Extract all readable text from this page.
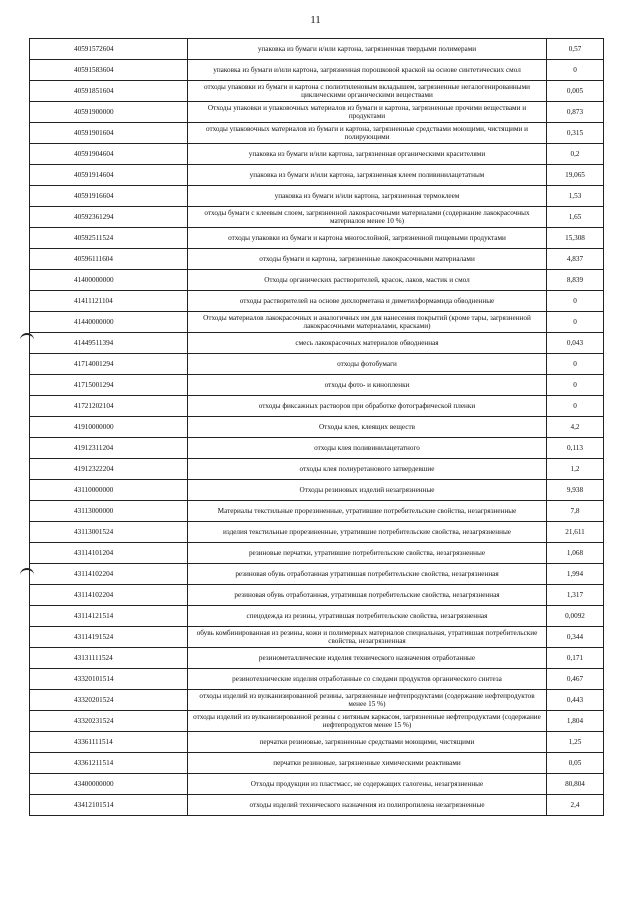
11
40591572604	упаковка из бумаги и/или картона, загрязненная твердыми полимерами	0,57
40591583604	упаковка из бумаги и/или картона, загрязненная порошковой краской на основе синтетических смол	0
40591851604	отходы упаковки из бумаги и картона с полиэтиленовым вкладышем, загрязненные негалогенированными циклическими органическими веществами	0,005
40591900000	Отходы упаковки и упаковочных материалов из бумаги и картона, загрязненные прочими веществами и продуктами	0,873
40591901604	отходы упаковочных материалов из бумаги и картона, загрязненные средствами моющими, чистящими и полирующими	0,315
40591904604	упаковка из бумаги и/или картона, загрязненная органическими красителями	0,2
40591914604	упаковка из бумаги и/или картона, загрязненная клеем поливинилацетатным	19,065
40591916604	упаковка из бумаги и/или картона, загрязненная термоклеем	1,53
40592361294	отходы бумаги с клеевым слоем, загрязненной лакокрасочными материалами (содержание лакокрасочных материалов менее 10 %)	1,65
40592511524	отходы упаковки из бумаги и картона многослойной, загрязненной пищевыми продуктами	15,308
40596111604	отходы бумаги и картона, загрязненные лакокрасочными материалами	4,837
41400000000	Отходы органических растворителей, красок, лаков, мастик и смол	8,839
41411121104	отходы растворителей на основе дихлорметана и диметилформамида обводненные	0
41440000000	Отходы материалов лакокрасочных и аналогичных им для нанесения покрытий (кроме тары, загрязненной лакокрасочными материалами, красками)	0
41449511394	смесь лакокрасочных материалов обводненная	0,043
41714001294	отходы фотобумаги	0
41715001294	отходы фото- и кинопленки	0
41721202104	отходы фиксажных растворов при обработке фотографической пленки	0
41910000000	Отходы клея, клеящих веществ	4,2
41912311204	отходы клея поливинилацетатного	0,113
41912322204	отходы клея полиуретанового затвердевшие	1,2
43110000000	Отходы резиновых изделий незагрязненные	9,938
43113000000	Материалы текстильные прорезиненные, утратившие потребительские свойства, незагрязненные	7,8
43113001524	изделия текстильные прорезиненные, утратившие потребительские свойства, незагрязненные	21,611
43114101204	резиновые перчатки, утратившие потребительские свойства, незагрязненные	1,068
43114102204	резиновая обувь отработанная утратившая потребительские свойства, незагрязненная	1,994
43114102204	резиновая обувь отработанная, утратившая потребительские свойства, незагрязненная	1,317
43114121514	спецодежда из резины, утратившая потребительские свойства, незагрязненная	0,0092
43114191524	обувь комбинированная из резины, кожи и полимерных материалов специальная, утратившая потребительские свойства, незагрязненная	0,344
43131111524	резинометаллические изделия технического назначения отработанные	0,171
43320101514	резинотехнические изделия отработанные со следами продуктов органического синтеза	0,467
43320201524	отходы изделий из вулканизированной резины, загрязненные нефтепродуктами (содержание нефтепродуктов менее 15 %)	0,443
43320231524	отходы изделий из вулканизированной резины с нитяным каркасом, загрязненные нефтепродуктами (содержание нефтепродуктов менее 15 %)	1,804
43361111514	перчатки резиновые, загрязненные средствами моющими, чистящими	1,25
43361211514	перчатки резиновые, загрязненные химическими реактивами	0,05
43400000000	Отходы продукции из пластмасс, не содержащих галогены, незагрязненные	80,804
43412101514	отходы изделий технического назначения из полипропилена незагрязненные	2,4
